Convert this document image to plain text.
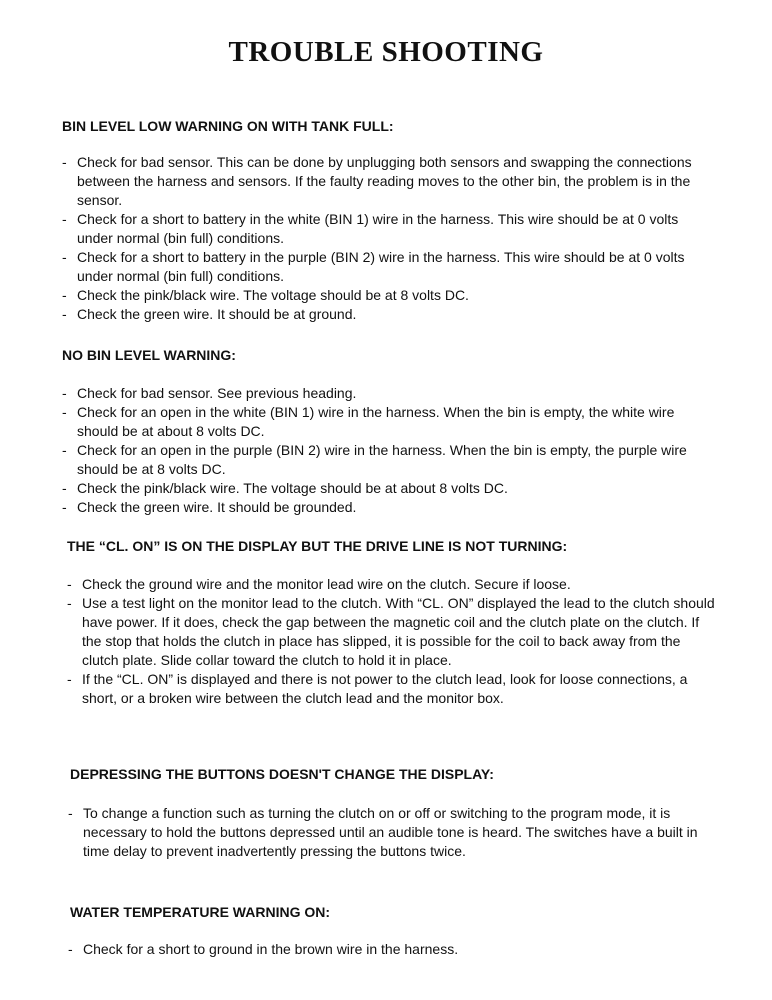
TROUBLE SHOOTING
BIN LEVEL LOW WARNING ON WITH TANK FULL:
- Check for bad sensor. This can be done by unplugging both sensors and swapping the connections between the harness and sensors. If the faulty reading moves to the other bin, the problem is in the sensor.
- Check for a short to battery in the white (BIN 1) wire in the harness. This wire should be at 0 volts under normal (bin full) conditions.
- Check for a short to battery in the purple (BIN 2) wire in the harness. This wire should be at 0 volts under normal (bin full) conditions.
- Check the pink/black wire. The voltage should be at 8 volts DC.
- Check the green wire. It should be at ground.
NO BIN LEVEL WARNING:
- Check for bad sensor. See previous heading.
- Check for an open in the white (BIN 1) wire in the harness. When the bin is empty, the white wire should be at about 8 volts DC.
- Check for an open in the purple (BIN 2) wire in the harness. When the bin is empty, the purple wire should be at 8 volts DC.
- Check the pink/black wire. The voltage should be at about 8 volts DC.
- Check the green wire. It should be grounded.
THE “CL. ON” IS ON THE DISPLAY BUT THE DRIVE LINE IS NOT TURNING:
- Check the ground wire and the monitor lead wire on the clutch. Secure if loose.
- Use a test light on the monitor lead to the clutch. With “CL. ON” displayed the lead to the clutch should have power. If it does, check the gap between the magnetic coil and the clutch plate on the clutch. If the stop that holds the clutch in place has slipped, it is possible for the coil to back away from the clutch plate. Slide collar toward the clutch to hold it in place.
- If the “CL. ON” is displayed and there is not power to the clutch lead, look for loose connections, a short, or a broken wire between the clutch lead and the monitor box.
DEPRESSING THE BUTTONS DOESN'T CHANGE THE DISPLAY:
- To change a function such as turning the clutch on or off or switching to the program mode, it is necessary to hold the buttons depressed until an audible tone is heard. The switches have a built in time delay to prevent inadvertently pressing the buttons twice.
WATER TEMPERATURE WARNING ON:
- Check for a short to ground in the brown wire in the harness.
